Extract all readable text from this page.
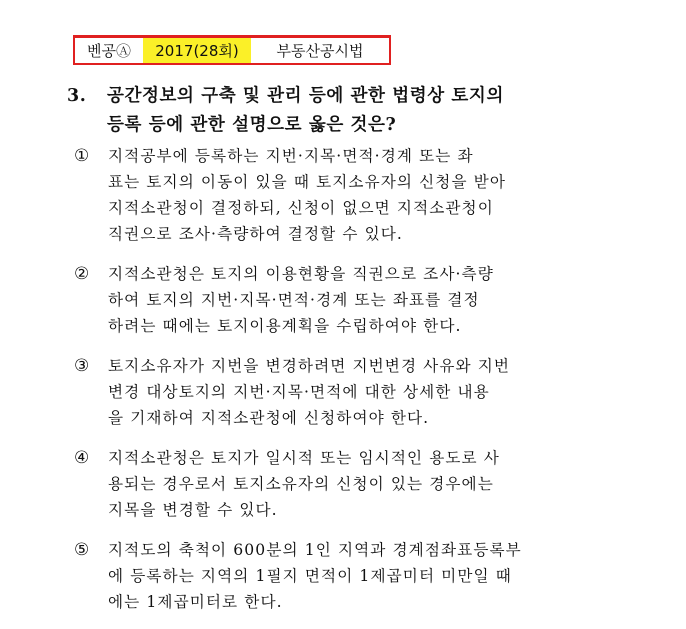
벤공Ⓐ	2017(28회)	부동산공시법
3. 공간정보의 구축 및 관리 등에 관한 법령상 토지의
등록 등에 관한 설명으로 옳은 것은?
① 지적공부에 등록하는 지번·지목·면적·경계 또는 좌
표는 토지의 이동이 있을 때 토지소유자의 신청을 받아
지적소관청이 결정하되, 신청이 없으면 지적소관청이
직권으로 조사·측량하여 결정할 수 있다.
② 지적소관청은 토지의 이용현황을 직권으로 조사·측량
하여 토지의 지번·지목·면적·경계 또는 좌표를 결정
하려는 때에는 토지이용계획을 수립하여야 한다.
③ 토지소유자가 지번을 변경하려면 지번변경 사유와 지번
변경 대상토지의 지번·지목·면적에 대한 상세한 내용
을 기재하여 지적소관청에 신청하여야 한다.
④ 지적소관청은 토지가 일시적 또는 임시적인 용도로 사
용되는 경우로서 토지소유자의 신청이 있는 경우에는
지목을 변경할 수 있다.
⑤ 지적도의 축척이 600분의 1인 지역과 경계점좌표등록부
에 등록하는 지역의 1필지 면적이 1제곱미터 미만일 때
에는 1제곱미터로 한다.
